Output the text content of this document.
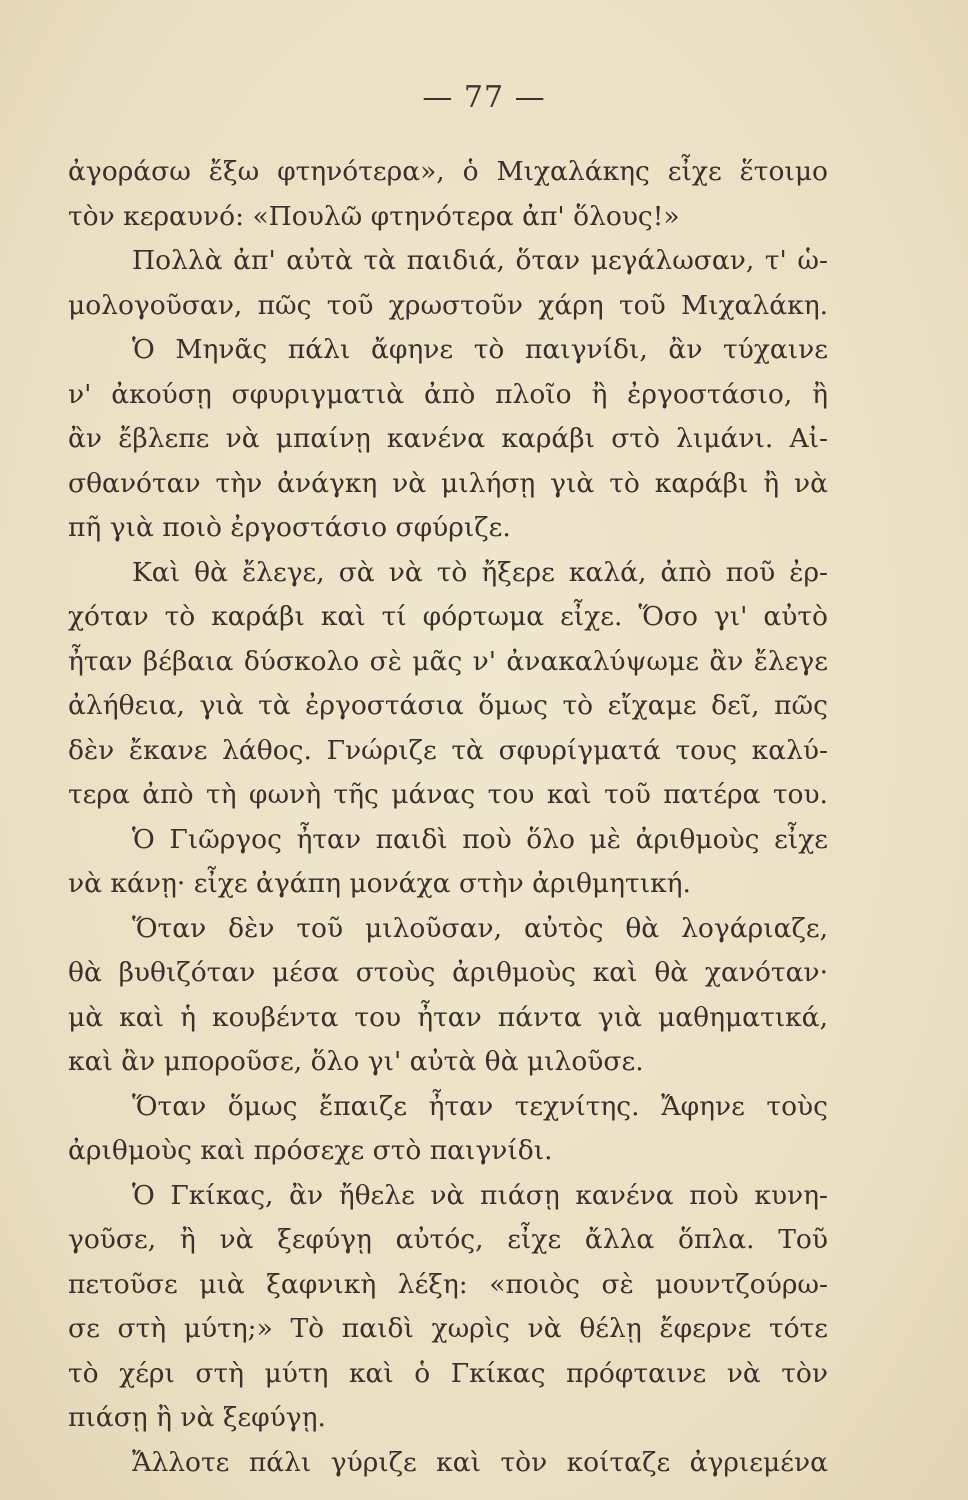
— 77 —
ἀγοράσω ἔξω φτηνότερα», ὁ Μιχαλάκης εἶχε ἕτοιμο
τὸν κεραυνό: «Πουλῶ φτηνότερα ἀπ' ὅλους!»
Πολλὰ ἀπ' αὐτὰ τὰ παιδιά, ὅταν μεγάλωσαν, τ' ὡ-
μολογοῦσαν, πῶς τοῦ χρωστοῦν χάρη τοῦ Μιχαλάκη.
Ὁ Μηνᾶς πάλι ἄφηνε τὸ παιγνίδι, ἂν τύχαινε
ν' ἀκούσῃ σφυριγματιὰ ἀπὸ πλοῖο ἢ ἐργοστάσιο, ἢ
ἂν ἔβλεπε νὰ μπαίνῃ κανένα καράβι στὸ λιμάνι. Αἰ-
σθανόταν τὴν ἀνάγκη νὰ μιλήσῃ γιὰ τὸ καράβι ἢ νὰ
πῆ γιὰ ποιὸ ἐργοστάσιο σφύριζε.
Καὶ θὰ ἔλεγε, σὰ νὰ τὸ ἤξερε καλά, ἀπὸ ποῦ ἐρ-
χόταν τὸ καράβι καὶ τί φόρτωμα εἶχε. Ὅσο γι' αὐτὸ
ἦταν βέβαια δύσκολο σὲ μᾶς ν' ἀνακαλύψωμε ἂν ἔλεγε
ἀλήθεια, γιὰ τὰ ἐργοστάσια ὅμως τὸ εἴχαμε δεῖ, πῶς
δὲν ἔκανε λάθος. Γνώριζε τὰ σφυρίγματά τους καλύ-
τερα ἀπὸ τὴ φωνὴ τῆς μάνας του καὶ τοῦ πατέρα του.
Ὁ Γιῶργος ἦταν παιδὶ ποὺ ὅλο μὲ ἀριθμοὺς εἶχε
νὰ κάνῃ· εἶχε ἀγάπη μονάχα στὴν ἀριθμητική.
Ὅταν δὲν τοῦ μιλοῦσαν, αὐτὸς θὰ λογάριαζε,
θὰ βυθιζόταν μέσα στοὺς ἀριθμοὺς καὶ θὰ χανόταν·
μὰ καὶ ἡ κουβέντα του ἦταν πάντα γιὰ μαθηματικά,
καὶ ἂν μποροῦσε, ὅλο γι' αὐτὰ θὰ μιλοῦσε.
Ὅταν ὅμως ἔπαιζε ἦταν τεχνίτης. Ἄφηνε τοὺς
ἀριθμοὺς καὶ πρόσεχε στὸ παιγνίδι.
Ὁ Γκίκας, ἂν ἤθελε νὰ πιάσῃ κανένα ποὺ κυνη-
γοῦσε, ἢ νὰ ξεφύγῃ αὐτός, εἶχε ἄλλα ὅπλα. Τοῦ
πετοῦσε μιὰ ξαφνικὴ λέξη: «ποιὸς σὲ μουντζούρω-
σε στὴ μύτη;» Τὸ παιδὶ χωρὶς νὰ θέλῃ ἔφερνε τότε
τὸ χέρι στὴ μύτη καὶ ὁ Γκίκας πρόφταινε νὰ τὸν
πιάσῃ ἢ νὰ ξεφύγῃ.
Ἄλλοτε πάλι γύριζε καὶ τὸν κοίταζε ἀγριεμένα
